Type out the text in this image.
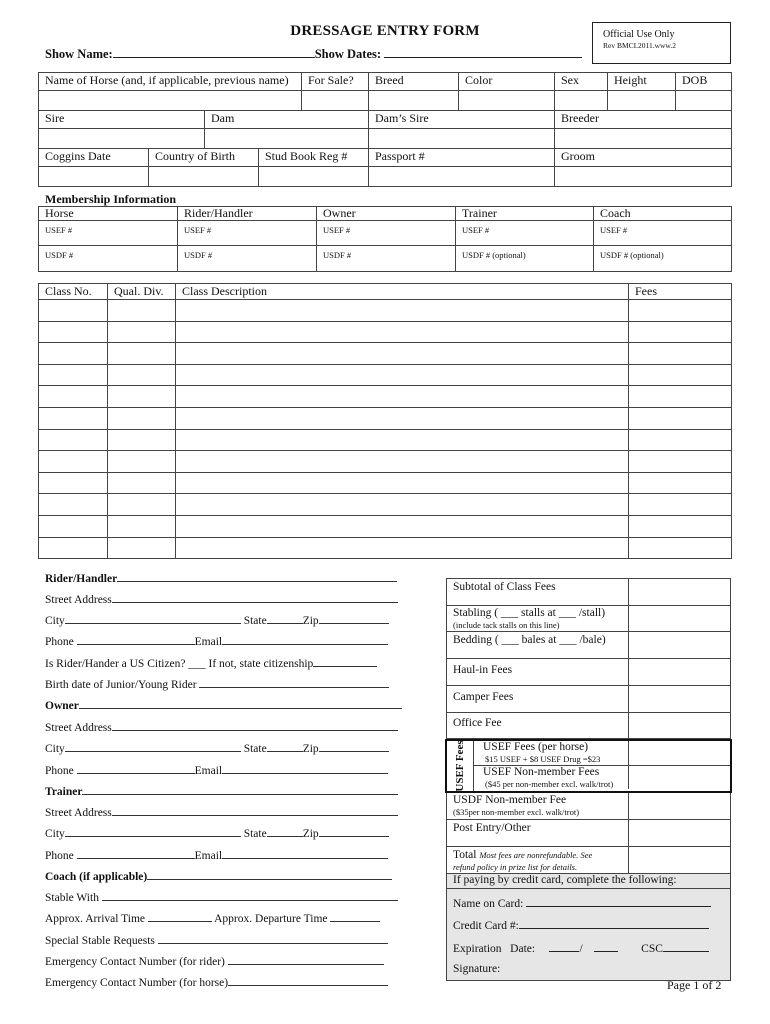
DRESSAGE ENTRY FORM	Official Use Only
Rev BMCI.2011.www.2
Show Name:	Show Dates:
Name of Horse (and, if applicable, previous name)	For Sale?	Breed	Color	Sex	Height	DOB

Sire	Dam	Dam’s Sire	Breeder

Coggins Date	Country of Birth	Stud Book Reg #	Passport #	Groom

Membership Information
Horse	Rider/Handler	Owner	Trainer	Coach
USEF #	USEF #	USEF #	USEF #	USEF #
USDF #	USDF #	USDF #	USDF # (optional)	USDF # (optional)
Class No.	Qual. Div.	Class Description	Fees

Rider/Handler
Street Address
City	State	Zip
Phone	Email
Is Rider/Hander a US Citizen? ___ If not, state citizenship
Birth date of Junior/Young Rider
Owner
Street Address
City	State	Zip
Phone	Email
Trainer
Street Address
City	State	Zip
Phone	Email
Coach (if applicable)
Stable With
Approx. Arrival Time	Approx. Departure Time
Special Stable Requests
Emergency Contact Number (for rider)
Emergency Contact Number (for horse)
Subtotal of Class Fees
Stabling ( ___ stalls at ___ /stall)
(include tack stalls on this line)
Bedding ( ___ bales at ___ /bale)
Haul-in Fees
Camper Fees
Office Fee
USEF Fees USEF Fees (per horse)
$15 USEF + $8 USEF Drug =$23
USEF Non-member Fees
($45 per non-member excl. walk/trot)
USDF Non-member Fee
($35per non-member excl. walk/trot)
Post Entry/Other
Total Most fees are nonrefundable. See
refund policy in prize list for details.
If paying by credit card, complete the following:
Name on Card:
Credit Card #:
Expiration Date:	/	CSC
Signature:
Page 1 of 2
